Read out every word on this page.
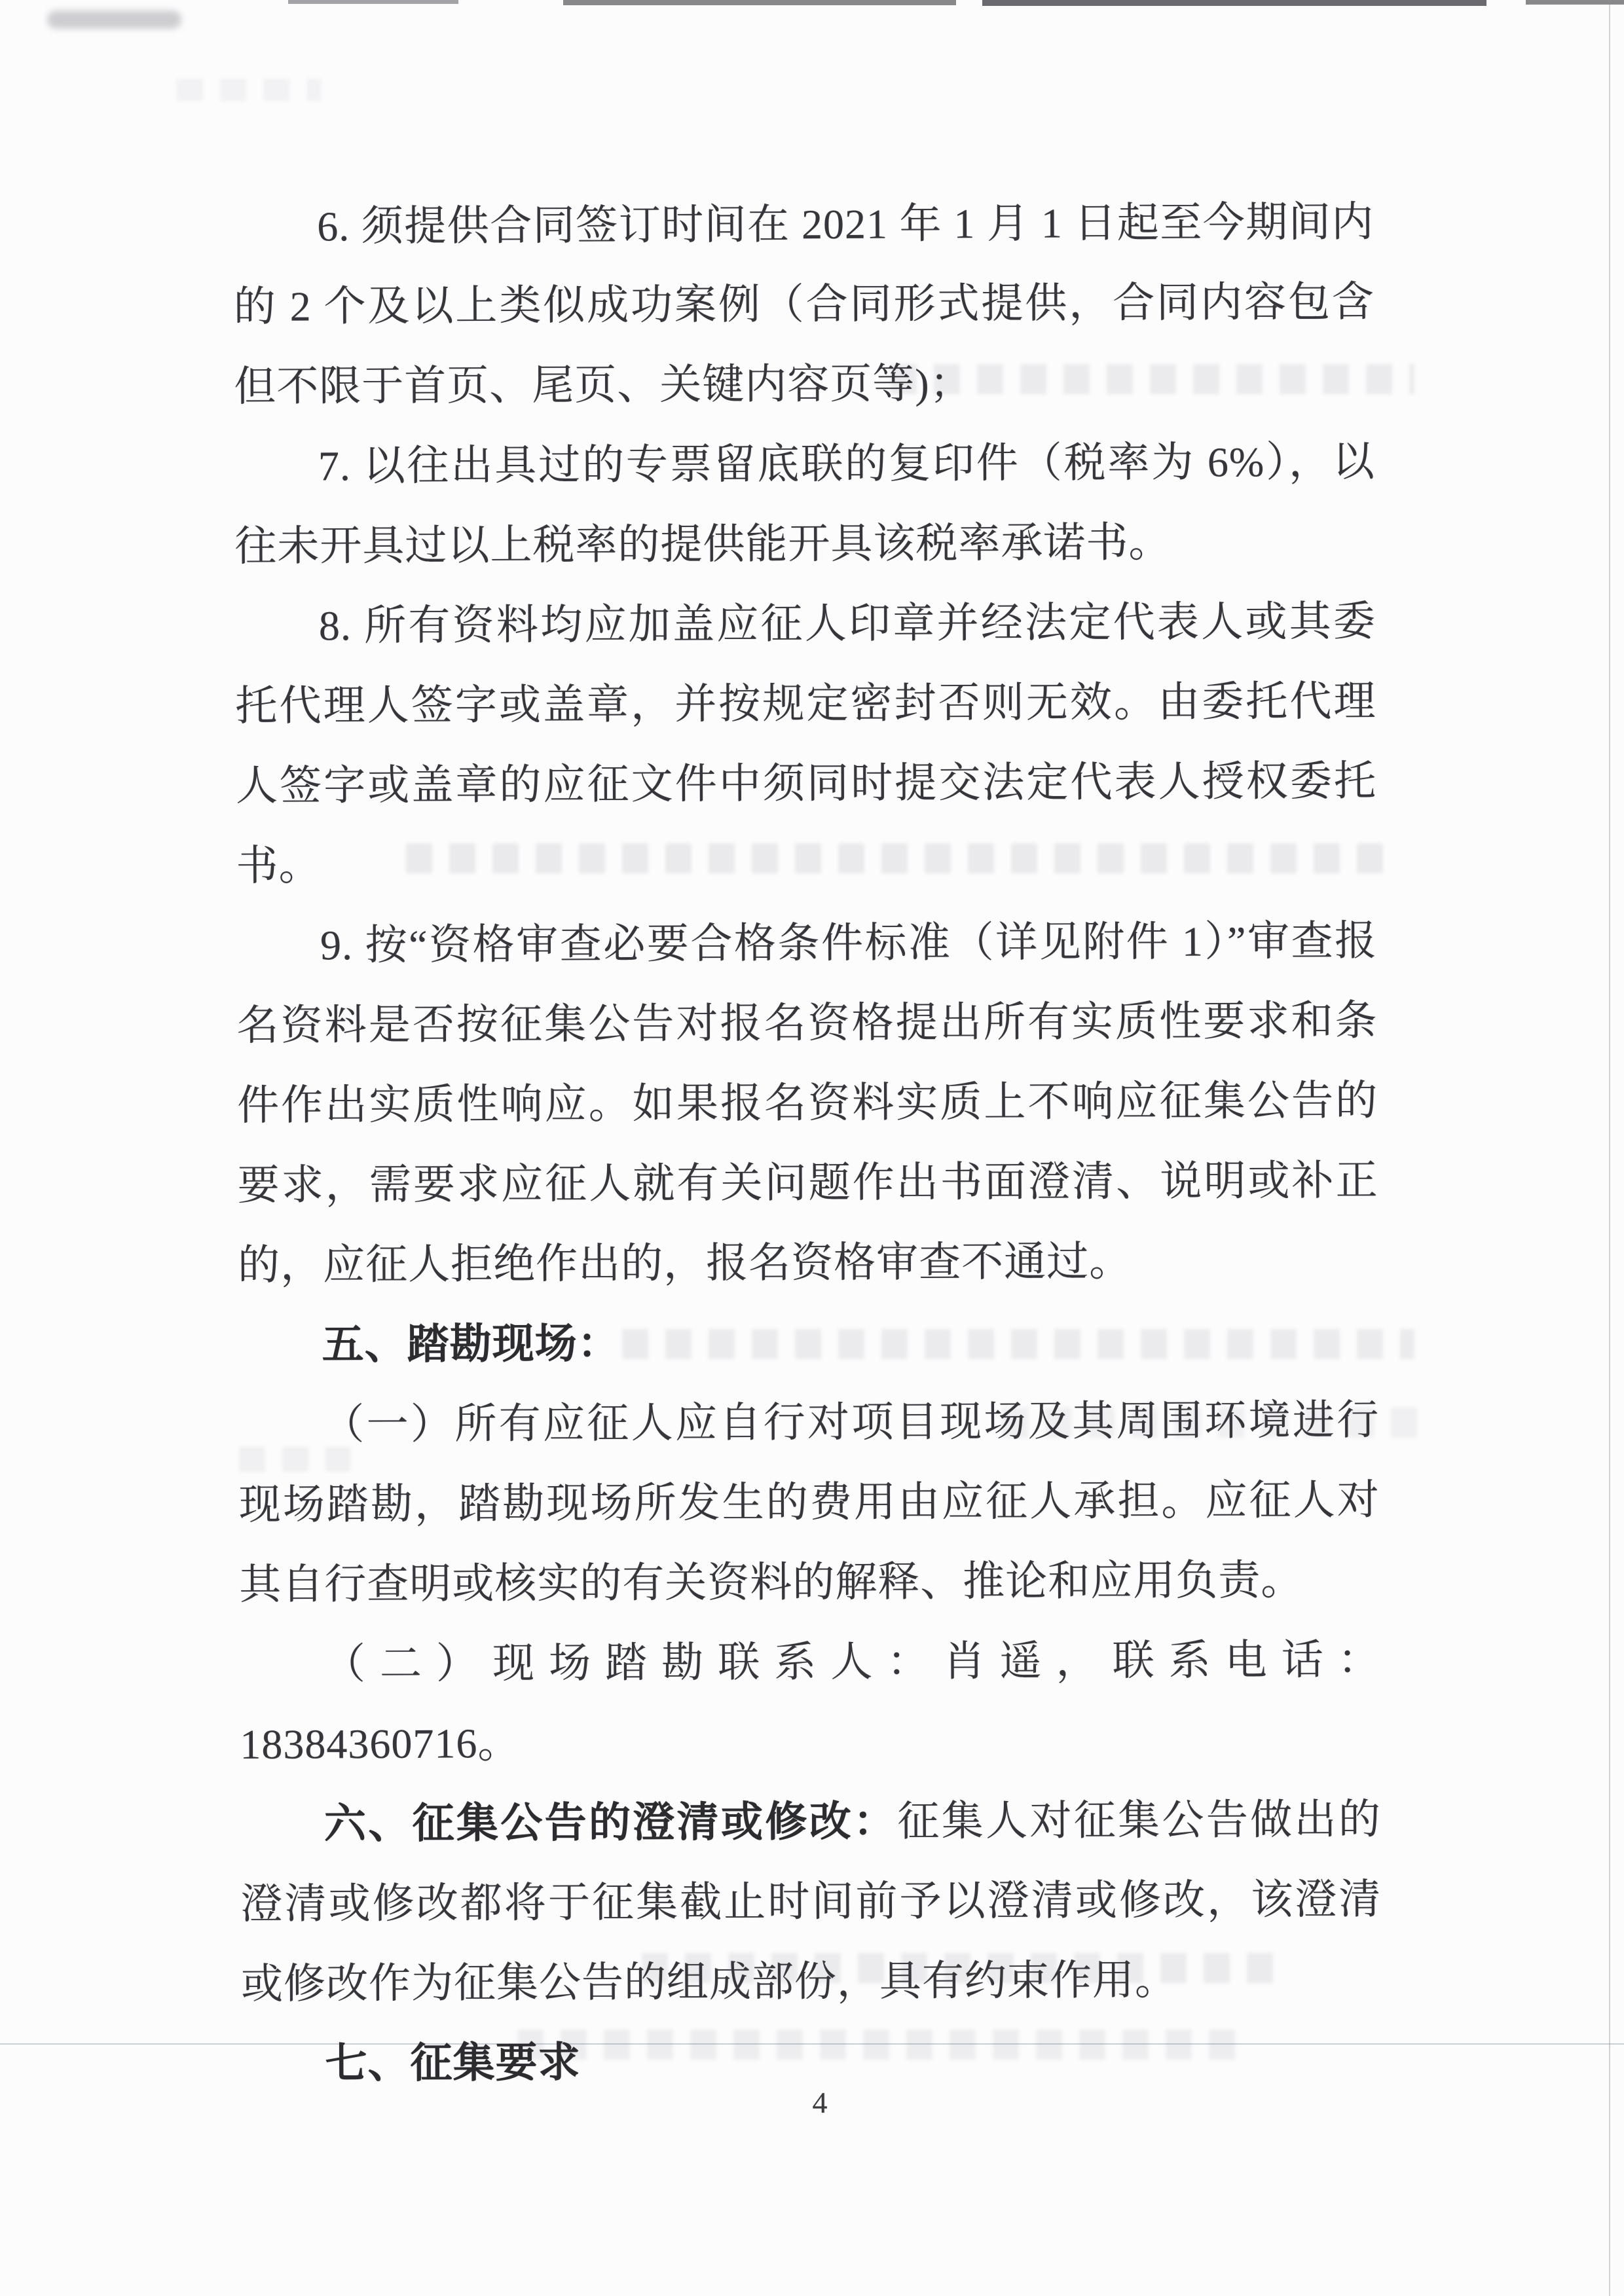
6. 须提供合同签订时间在 2021 年 1 月 1 日起至今期间内的 2 个及以上类似成功案例（合同形式提供，合同内容包含但不限于首页、尾页、关键内容页等)；

7. 以往出具过的专票留底联的复印件（税率为 6%），以往未开具过以上税率的提供能开具该税率承诺书。

8. 所有资料均应加盖应征人印章并经法定代表人或其委托代理人签字或盖章，并按规定密封否则无效。由委托代理人签字或盖章的应征文件中须同时提交法定代表人授权委托书。

9. 按“资格审查必要合格条件标准（详见附件 1）”审查报名资料是否按征集公告对报名资格提出所有实质性要求和条件作出实质性响应。如果报名资料实质上不响应征集公告的要求，需要求应征人就有关问题作出书面澄清、说明或补正的，应征人拒绝作出的，报名资格审查不通过。

五、踏勘现场：

（一）所有应征人应自行对项目现场及其周围环境进行现场踏勘，踏勘现场所发生的费用由应征人承担。应征人对其自行查明或核实的有关资料的解释、推论和应用负责。

（二）现场踏勘联系人：肖遥，联系电话：18384360716。

六、征集公告的澄清或修改：征集人对征集公告做出的澄清或修改都将于征集截止时间前予以澄清或修改，该澄清或修改作为征集公告的组成部份，具有约束作用。

七、征集要求

4
